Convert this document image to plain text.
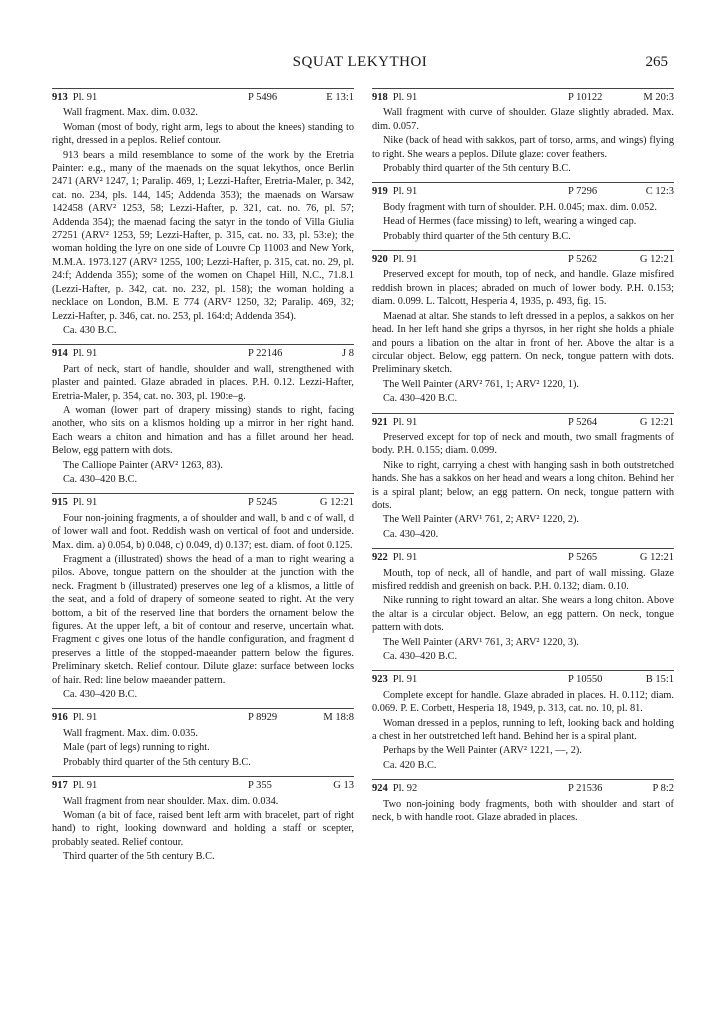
SQUAT LEKYTHOI	265
913 Pl. 91	P 5496	E 13:1

Wall fragment. Max. dim. 0.032.

Woman (most of body, right arm, legs to about the knees) standing to right, dressed in a peplos. Relief contour.

913 bears a mild resemblance to some of the work by the Eretria Painter: e.g., many of the maenads on the squat lekythos, once Berlin 2471 (ARV² 1247, 1; Paralip. 469, 1; Lezzi-Hafter, Eretria-Maler, p. 342, cat. no. 234, pls. 144, 145; Addenda 353); the maenads on Warsaw 142458 (ARV² 1253, 58; Lezzi-Hafter, p. 321, cat. no. 76, pl. 57; Addenda 354); the maenad facing the satyr in the tondo of Villa Giulia 27251 (ARV² 1253, 59; Lezzi-Hafter, p. 315, cat. no. 33, pl. 53:e); the woman holding the lyre on one side of Louvre Cp 11003 and New York, M.M.A. 1973.127 (ARV² 1255, 100; Lezzi-Hafter, p. 315, cat. no. 29, pl. 24:f; Addenda 355); some of the women on Chapel Hill, N.C., 71.8.1 (Lezzi-Hafter, p. 342, cat. no. 232, pl. 158); the woman holding a necklace on London, B.M. E 774 (ARV² 1250, 32; Paralip. 469, 32; Lezzi-Hafter, p. 346, cat. no. 253, pl. 164:d; Addenda 354).

Ca. 430 B.C.

914 Pl. 91	P 22146	J 8

Part of neck, start of handle, shoulder and wall, strengthened with plaster and painted. Glaze abraded in places. P.H. 0.12. Lezzi-Hafter, Eretria-Maler, p. 354, cat. no. 303, pl. 190:e–g.

A woman (lower part of drapery missing) stands to right, facing another, who sits on a klismos holding up a mirror in her right hand. Each wears a chiton and himation and has a fillet around her head. Below, egg pattern with dots.

The Calliope Painter (ARV² 1263, 83).

Ca. 430–420 B.C.

915 Pl. 91	P 5245	G 12:21

Four non-joining fragments, a of shoulder and wall, b and c of wall, d of lower wall and foot. Reddish wash on vertical of foot and underside. Max. dim. a) 0.054, b) 0.048, c) 0.049, d) 0.137; est. diam. of foot 0.125.

Fragment a (illustrated) shows the head of a man to right wearing a pilos. Above, tongue pattern on the shoulder at the junction with the neck. Fragment b (illustrated) preserves one leg of a klismos, a little of the seat, and a fold of drapery of someone seated to right. At the very bottom, a bit of the reserved line that borders the ornament below the figures. At the upper left, a bit of contour and reserve, uncertain what. Fragment c gives one lotus of the handle configuration, and fragment d preserves a little of the stopped-maeander pattern below the figures. Preliminary sketch. Relief contour. Dilute glaze: surface between locks of hair. Red: line below maeander pattern.

Ca. 430–420 B.C.

916 Pl. 91	P 8929	M 18:8

Wall fragment. Max. dim. 0.035.

Male (part of legs) running to right.

Probably third quarter of the 5th century B.C.

917 Pl. 91	P 355	G 13

Wall fragment from near shoulder. Max. dim. 0.034.

Woman (a bit of face, raised bent left arm with bracelet, part of right hand) to right, looking downward and holding a staff or scepter, probably seated. Relief contour.

Third quarter of the 5th century B.C.

918 Pl. 91	P 10122	M 20:3

Wall fragment with curve of shoulder. Glaze slightly abraded. Max. dim. 0.057.

Nike (back of head with sakkos, part of torso, arms, and wings) flying to right. She wears a peplos. Dilute glaze: cover feathers.

Probably third quarter of the 5th century B.C.

919 Pl. 91	P 7296	C 12:3

Body fragment with turn of shoulder. P.H. 0.045; max. dim. 0.052.

Head of Hermes (face missing) to left, wearing a winged cap.

Probably third quarter of the 5th century B.C.

920 Pl. 91	P 5262	G 12:21

Preserved except for mouth, top of neck, and handle. Glaze misfired reddish brown in places; abraded on much of lower body. P.H. 0.153; diam. 0.099. L. Talcott, Hesperia 4, 1935, p. 493, fig. 15.

Maenad at altar. She stands to left dressed in a peplos, a sakkos on her head. In her left hand she grips a thyrsos, in her right she holds a phiale and pours a libation on the altar in front of her. Above the altar is a circular object. Below, egg pattern. On neck, tongue pattern with dots. Preliminary sketch.

The Well Painter (ARV² 761, 1; ARV² 1220, 1).

Ca. 430–420 B.C.

921 Pl. 91	P 5264	G 12:21

Preserved except for top of neck and mouth, two small fragments of body. P.H. 0.155; diam. 0.099.

Nike to right, carrying a chest with hanging sash in both outstretched hands. She has a sakkos on her head and wears a long chiton. Behind her is a spiral plant; below, an egg pattern. On neck, tongue pattern with dots.

The Well Painter (ARV¹ 761, 2; ARV² 1220, 2).

Ca. 430–420.

922 Pl. 91	P 5265	G 12:21

Mouth, top of neck, all of handle, and part of wall missing. Glaze misfired reddish and greenish on back. P.H. 0.132; diam. 0.10.

Nike running to right toward an altar. She wears a long chiton. Above the altar is a circular object. Below, an egg pattern. On neck, tongue pattern with dots.

The Well Painter (ARV¹ 761, 3; ARV² 1220, 3).

Ca. 430–420 B.C.

923 Pl. 91	P 10550	B 15:1

Complete except for handle. Glaze abraded in places. H. 0.112; diam. 0.069. P. E. Corbett, Hesperia 18, 1949, p. 313, cat. no. 10, pl. 81.

Woman dressed in a peplos, running to left, looking back and holding a chest in her outstretched left hand. Behind her is a spiral plant.

Perhaps by the Well Painter (ARV² 1221, —, 2).

Ca. 420 B.C.

924 Pl. 92	P 21536	P 8:2

Two non-joining body fragments, both with shoulder and start of neck, b with handle root. Glaze abraded in places.
